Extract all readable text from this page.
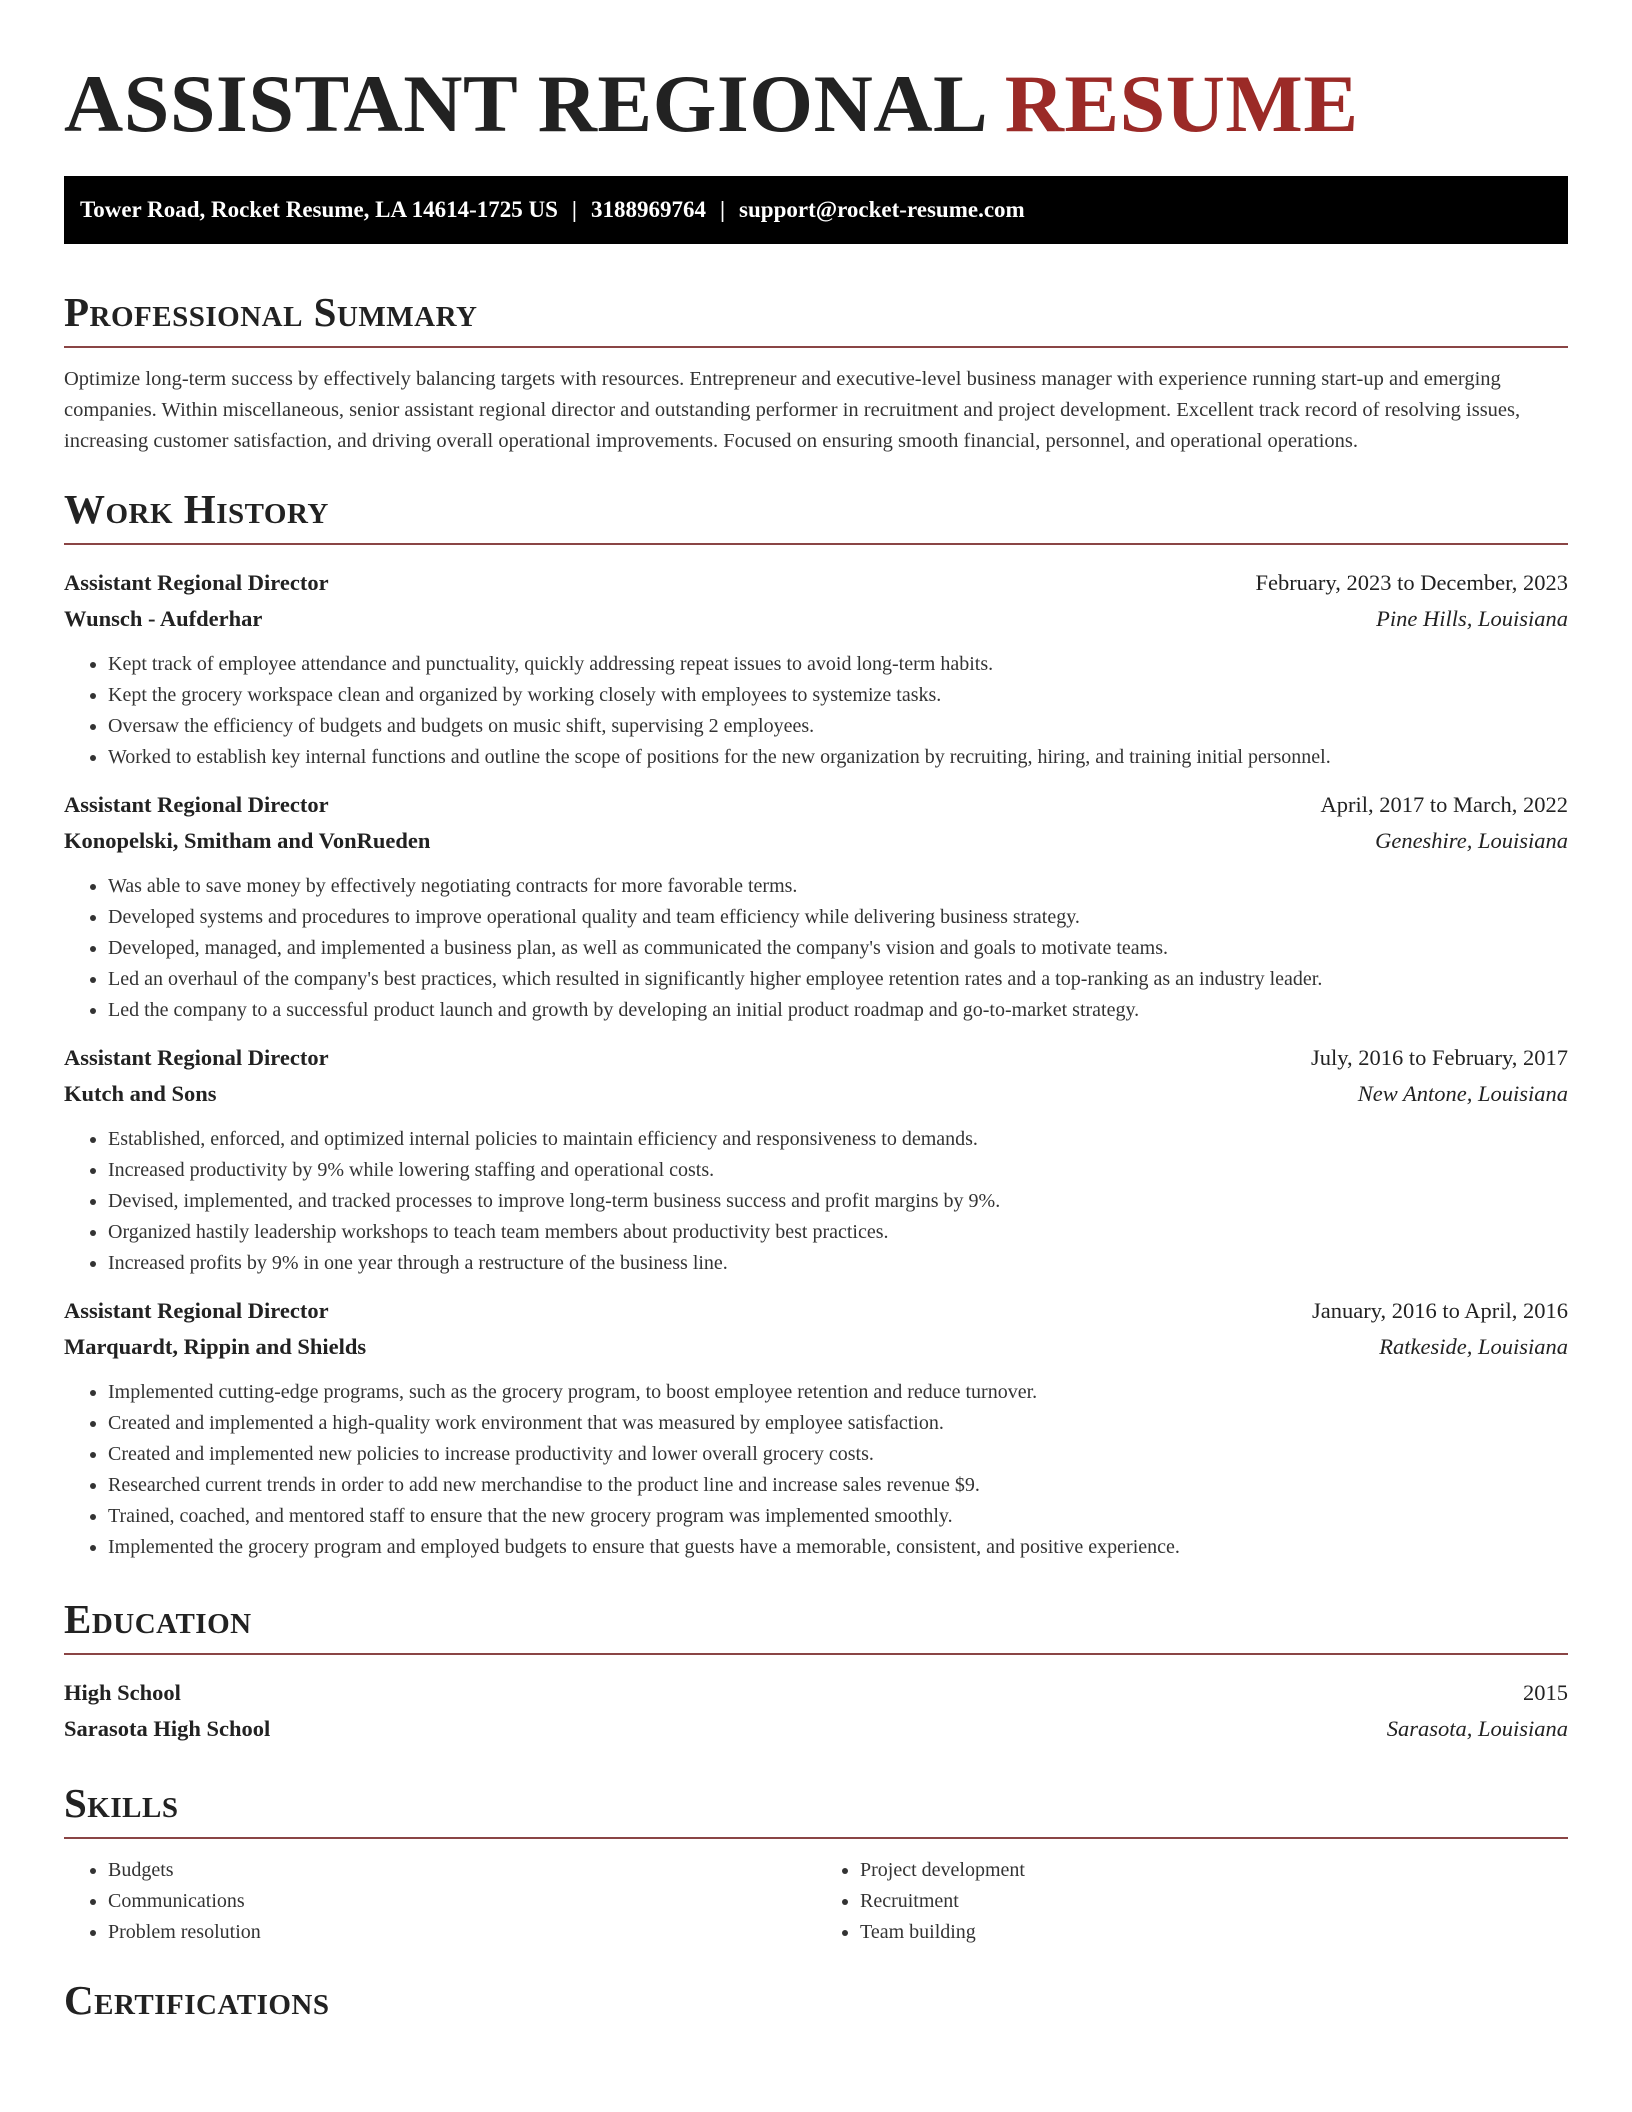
ASSISTANT REGIONAL RESUME
Tower Road, Rocket Resume, LA 14614-1725 US | 3188969764 | support@rocket-resume.com
Professional Summary

Optimize long-term success by effectively balancing targets with resources. Entrepreneur and executive-level business manager with experience running start-up and emerging companies. Within miscellaneous, senior assistant regional director and outstanding performer in recruitment and project development. Excellent track record of resolving issues, increasing customer satisfaction, and driving overall operational improvements. Focused on ensuring smooth financial, personnel, and operational operations.

Work History
Assistant Regional Director	February, 2023 to December, 2023
Wunsch - Aufderhar	Pine Hills, Louisiana
• Kept track of employee attendance and punctuality, quickly addressing repeat issues to avoid long-term habits.
• Kept the grocery workspace clean and organized by working closely with employees to systemize tasks.
• Oversaw the efficiency of budgets and budgets on music shift, supervising 2 employees.
• Worked to establish key internal functions and outline the scope of positions for the new organization by recruiting, hiring, and training initial personnel.
Assistant Regional Director	April, 2017 to March, 2022
Konopelski, Smitham and VonRueden	Geneshire, Louisiana
• Was able to save money by effectively negotiating contracts for more favorable terms.
• Developed systems and procedures to improve operational quality and team efficiency while delivering business strategy.
• Developed, managed, and implemented a business plan, as well as communicated the company's vision and goals to motivate teams.
• Led an overhaul of the company's best practices, which resulted in significantly higher employee retention rates and a top-ranking as an industry leader.
• Led the company to a successful product launch and growth by developing an initial product roadmap and go-to-market strategy.
Assistant Regional Director	July, 2016 to February, 2017
Kutch and Sons	New Antone, Louisiana
• Established, enforced, and optimized internal policies to maintain efficiency and responsiveness to demands.
• Increased productivity by 9% while lowering staffing and operational costs.
• Devised, implemented, and tracked processes to improve long-term business success and profit margins by 9%.
• Organized hastily leadership workshops to teach team members about productivity best practices.
• Increased profits by 9% in one year through a restructure of the business line.
Assistant Regional Director	January, 2016 to April, 2016
Marquardt, Rippin and Shields	Ratkeside, Louisiana
• Implemented cutting-edge programs, such as the grocery program, to boost employee retention and reduce turnover.
• Created and implemented a high-quality work environment that was measured by employee satisfaction.
• Created and implemented new policies to increase productivity and lower overall grocery costs.
• Researched current trends in order to add new merchandise to the product line and increase sales revenue $9.
• Trained, coached, and mentored staff to ensure that the new grocery program was implemented smoothly.
• Implemented the grocery program and employed budgets to ensure that guests have a memorable, consistent, and positive experience.
Education
High School	2015
Sarasota High School	Sarasota, Louisiana
Skills
• Budgets
• Communications
• Problem resolution
• Project development
• Recruitment
• Team building
Certifications
